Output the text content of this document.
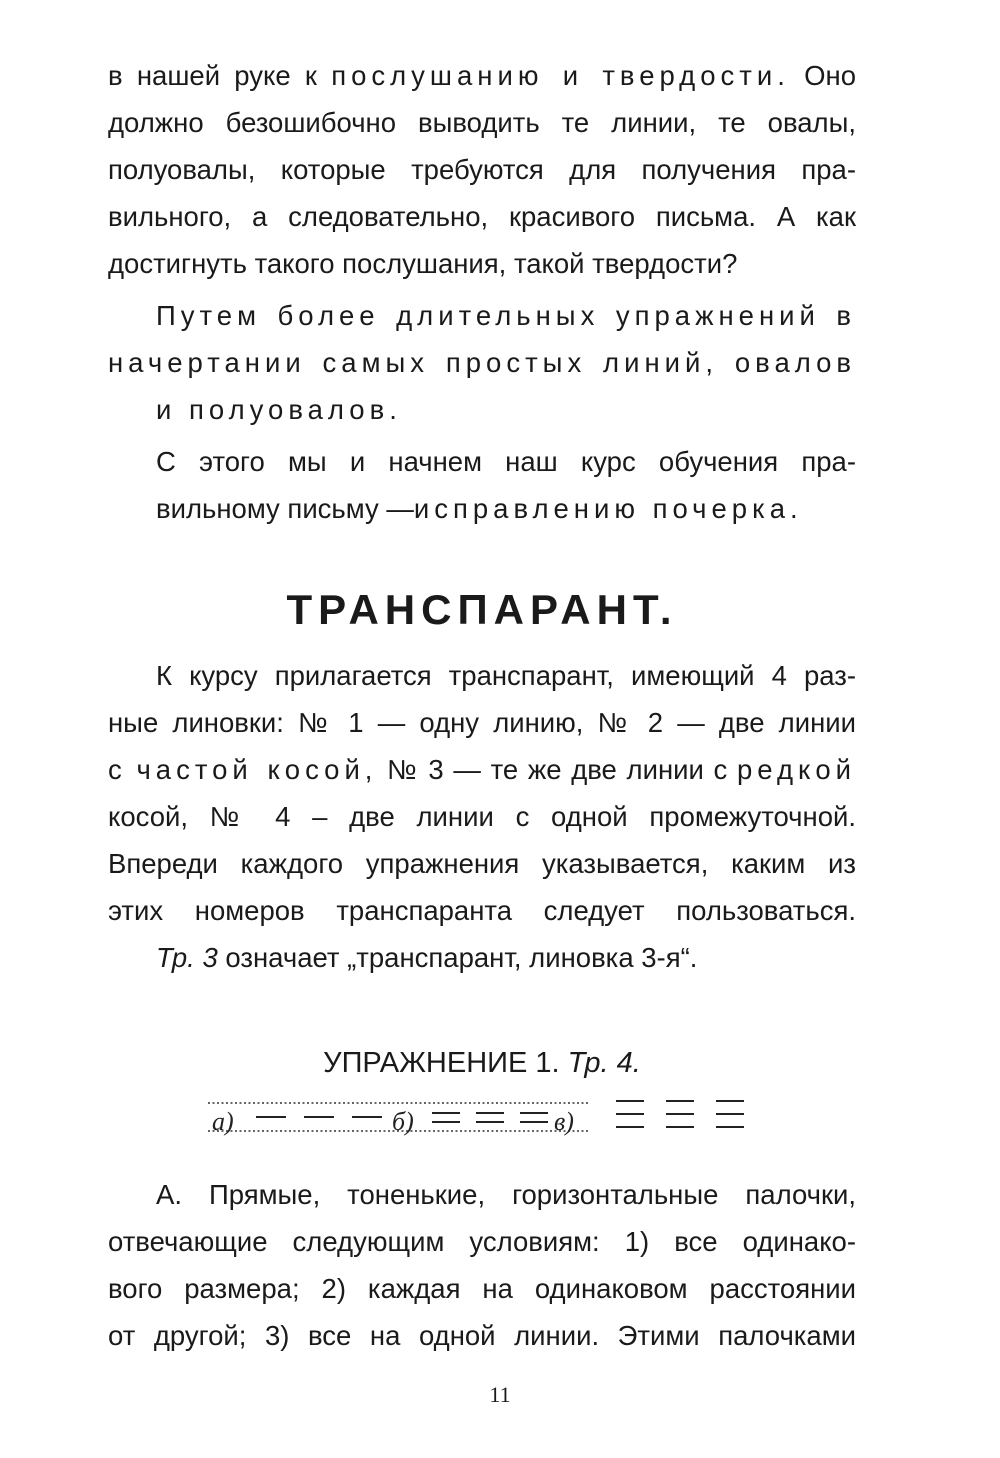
в нашей руке к послушанию и твердости. Оно
должно безошибочно выводить те линии, те овалы,
полуовалы, которые требуются для получения пра-
вильного, а следовательно, красивого письма. А как
достигнуть такого послушания, такой твердости?

Путем более длительных упражнений в
начертании самых простых линий, овалов
и полуовалов.

С этого мы и начнем наш курс обучения пра-
вильному письму —исправлению почерка.

ТРАНСПАРАНТ.

К курсу прилагается транспарант, имеющий 4 раз-
ные линовки: № 1 — одну линию, № 2 — две линии
с частой косой, № 3 — те же две линии с редкой
косой, № 4 – две линии с одной промежуточной.
Впереди каждого упражнения указывается, каким из
этих номеров транспаранта следует пользоваться.
Тр. 3 означает „транспарант, линовка 3-я“.

УПРАЖНЕНИЕ 1. Тр. 4.
а)	б)	в)

А. Прямые, тоненькие, горизонтальные палочки,
отвечающие следующим условиям: 1) все одинако-
вого размера; 2) каждая на одинаковом расстоянии
от другой; 3) все на одной линии. Этими палочками

11
